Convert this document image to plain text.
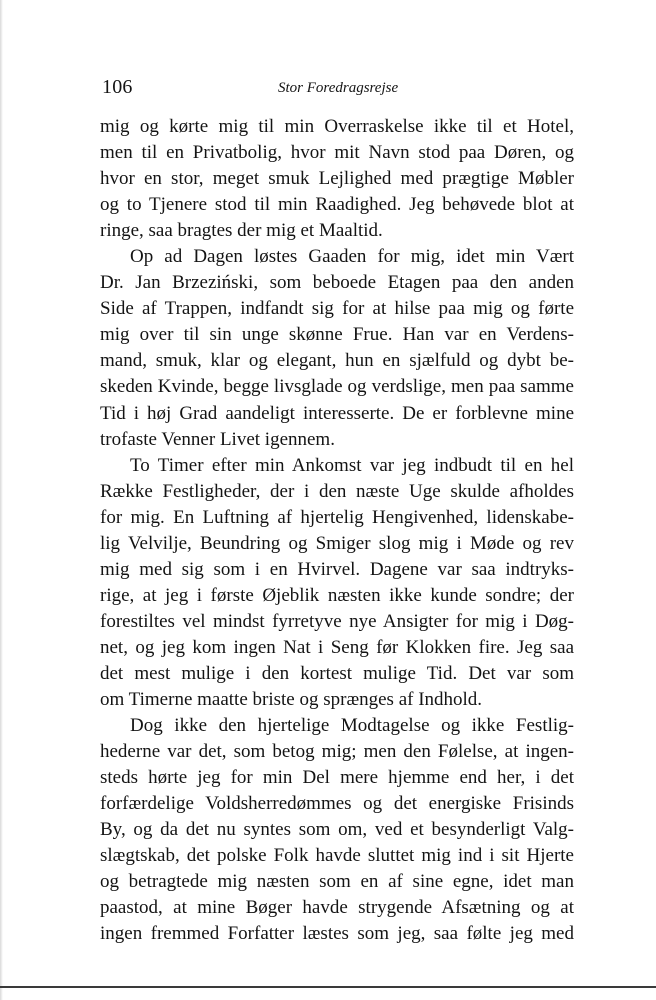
106	Stor Foredragsrejse
mig og kørte mig til min Overraskelse ikke til et Hotel,
men til en Privatbolig, hvor mit Navn stod paa Døren, og
hvor en stor, meget smuk Lejlighed med prægtige Møbler
og to Tjenere stod til min Raadighed. Jeg behøvede blot at
ringe, saa bragtes der mig et Maaltid.
Op ad Dagen løstes Gaaden for mig, idet min Vært
Dr. Jan Brzeziński, som beboede Etagen paa den anden
Side af Trappen, indfandt sig for at hilse paa mig og førte
mig over til sin unge skønne Frue. Han var en Verdens-
mand, smuk, klar og elegant, hun en sjælfuld og dybt be-
skeden Kvinde, begge livsglade og verdslige, men paa samme
Tid i høj Grad aandeligt interesserte. De er forblevne mine
trofaste Venner Livet igennem.
To Timer efter min Ankomst var jeg indbudt til en hel
Række Festligheder, der i den næste Uge skulde afholdes
for mig. En Luftning af hjertelig Hengivenhed, lidenskabe-
lig Velvilje, Beundring og Smiger slog mig i Møde og rev
mig med sig som i en Hvirvel. Dagene var saa indtryks-
rige, at jeg i første Øjeblik næsten ikke kunde sondre; der
forestiltes vel mindst fyrretyve nye Ansigter for mig i Døg-
net, og jeg kom ingen Nat i Seng før Klokken fire. Jeg saa
det mest mulige i den kortest mulige Tid. Det var som
om Timerne maatte briste og sprænges af Indhold.
Dog ikke den hjertelige Modtagelse og ikke Festlig-
hederne var det, som betog mig; men den Følelse, at ingen-
steds hørte jeg for min Del mere hjemme end her, i det
forfærdelige Voldsherredømmes og det energiske Frisinds
By, og da det nu syntes som om, ved et besynderligt Valg-
slægtskab, det polske Folk havde sluttet mig ind i sit Hjerte
og betragtede mig næsten som en af sine egne, idet man
paastod, at mine Bøger havde strygende Afsætning og at
ingen fremmed Forfatter læstes som jeg, saa følte jeg med
